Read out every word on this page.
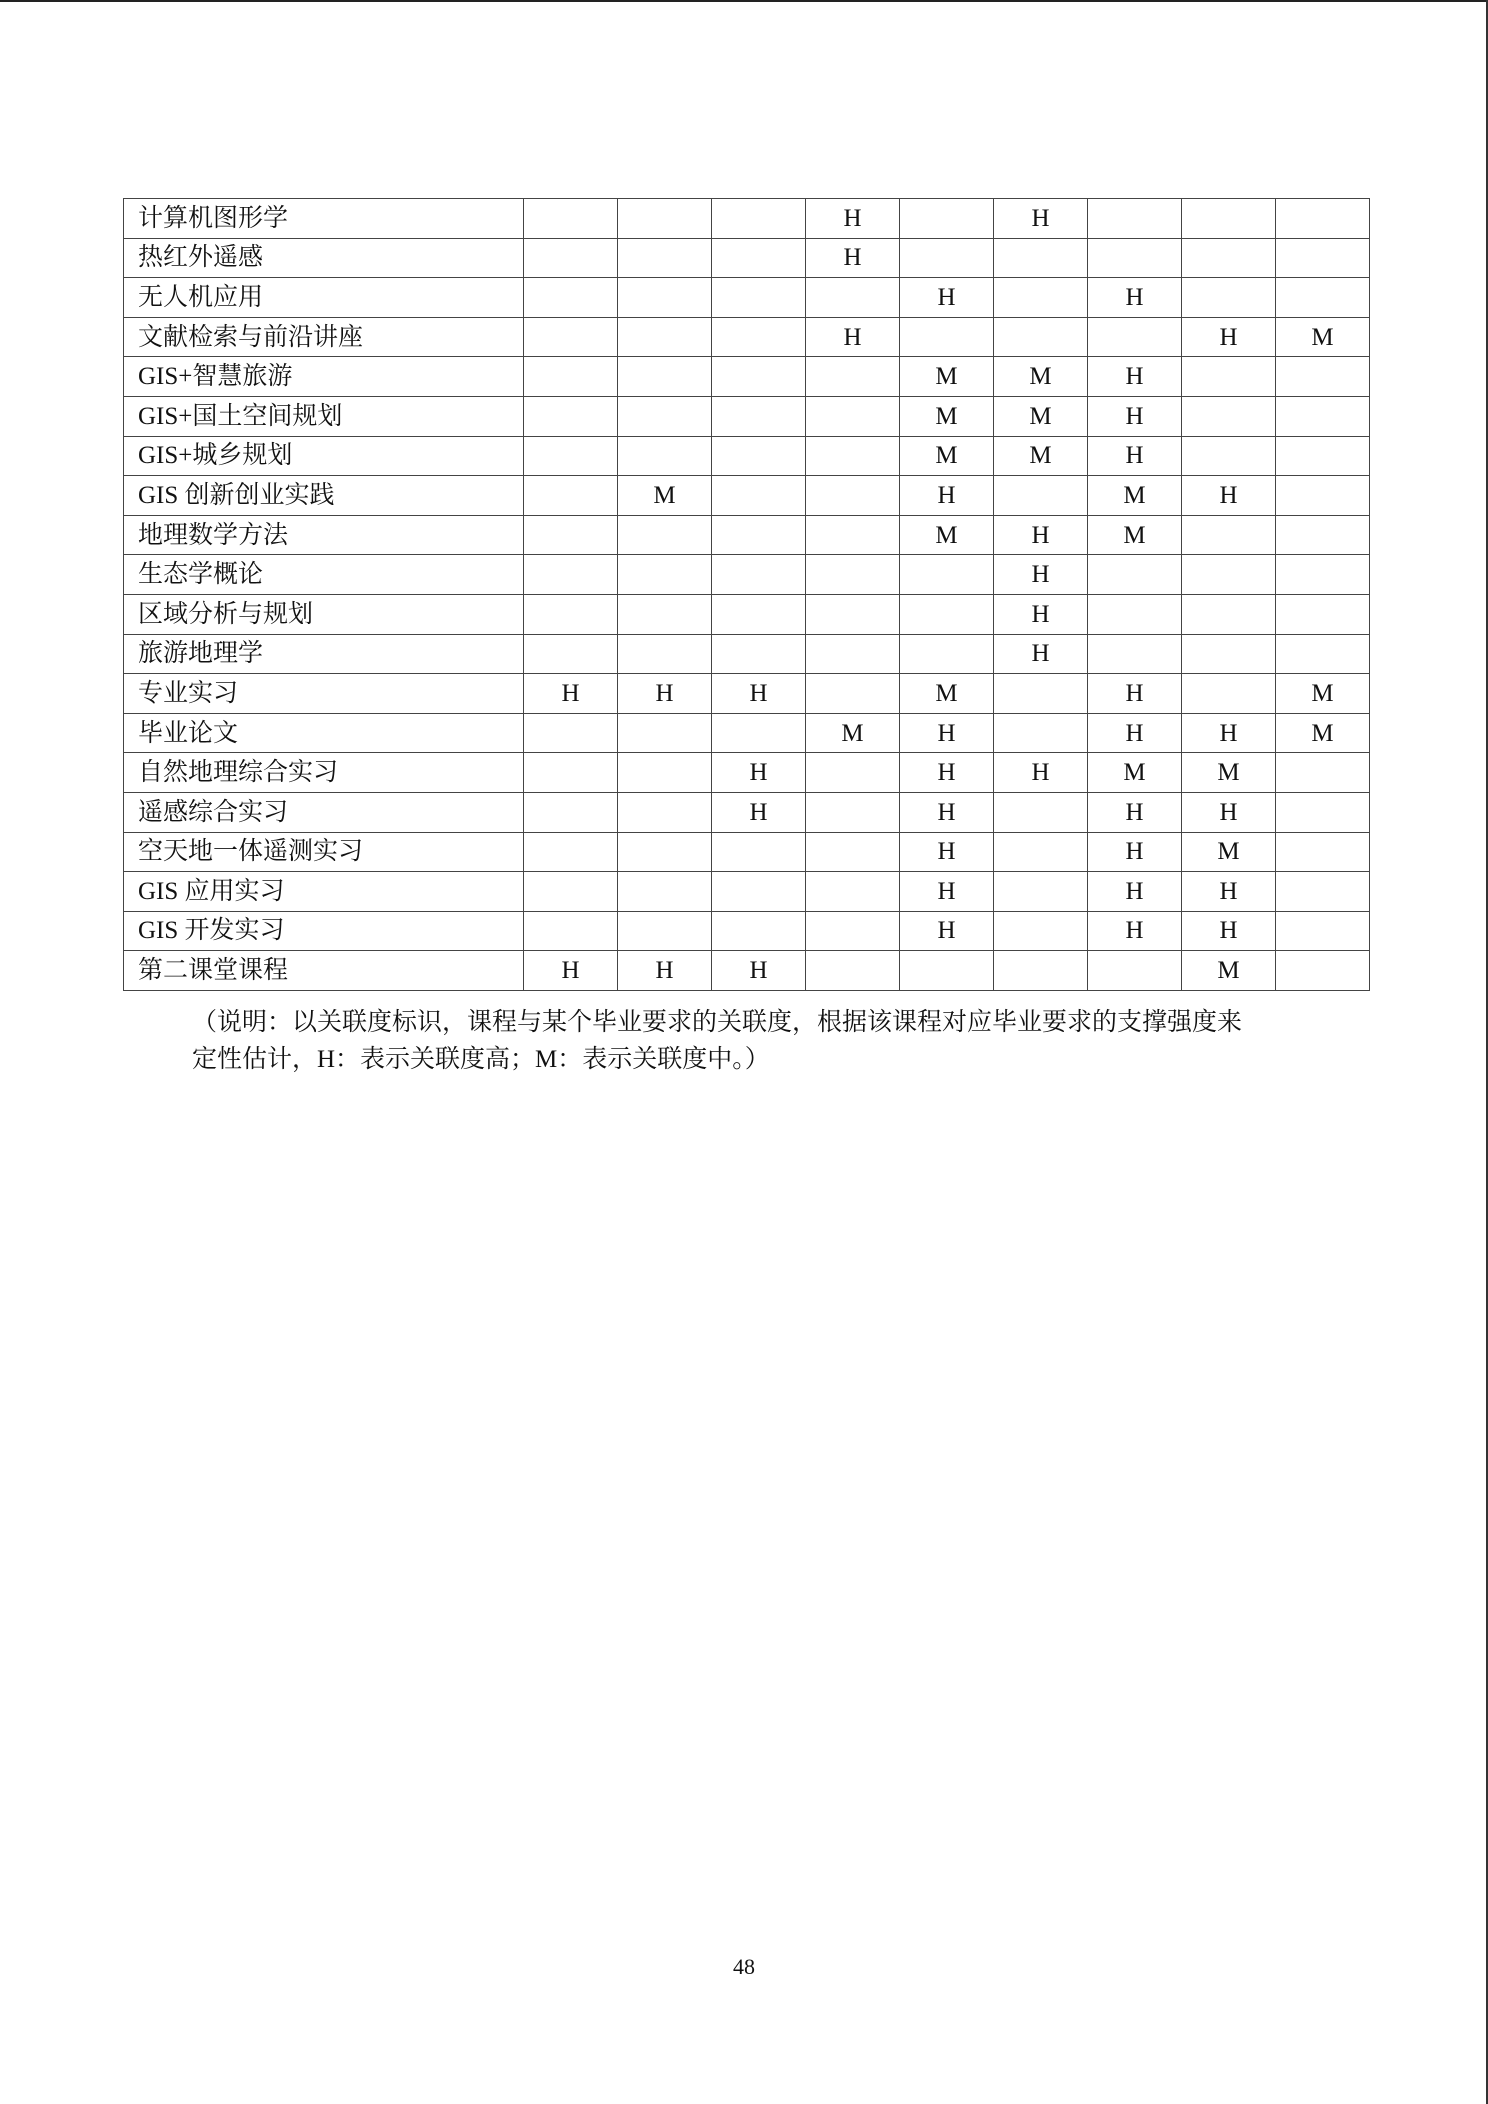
计算机图形学				H		H			
热红外遥感				H					
无人机应用					H		H		
文献检索与前沿讲座				H				H	M
GIS+智慧旅游					M	M	H		
GIS+国土空间规划					M	M	H		
GIS+城乡规划					M	M	H		
GIS 创新创业实践		M			H		M	H	
地理数学方法					M	H	M		
生态学概论						H			
区域分析与规划						H			
旅游地理学						H			
专业实习	H	H	H		M		H		M
毕业论文				M	H		H	H	M
自然地理综合实习			H		H	H	M	M	
遥感综合实习			H		H		H	H	
空天地一体遥测实习					H		H	M	
GIS 应用实习					H		H	H	
GIS 开发实习					H		H	H	
第二课堂课程	H	H	H					M	
（说明：以关联度标识，课程与某个毕业要求的关联度，根据该课程对应毕业要求的支撑强度来
定性估计，H：表示关联度高；M：表示关联度中。）
48
